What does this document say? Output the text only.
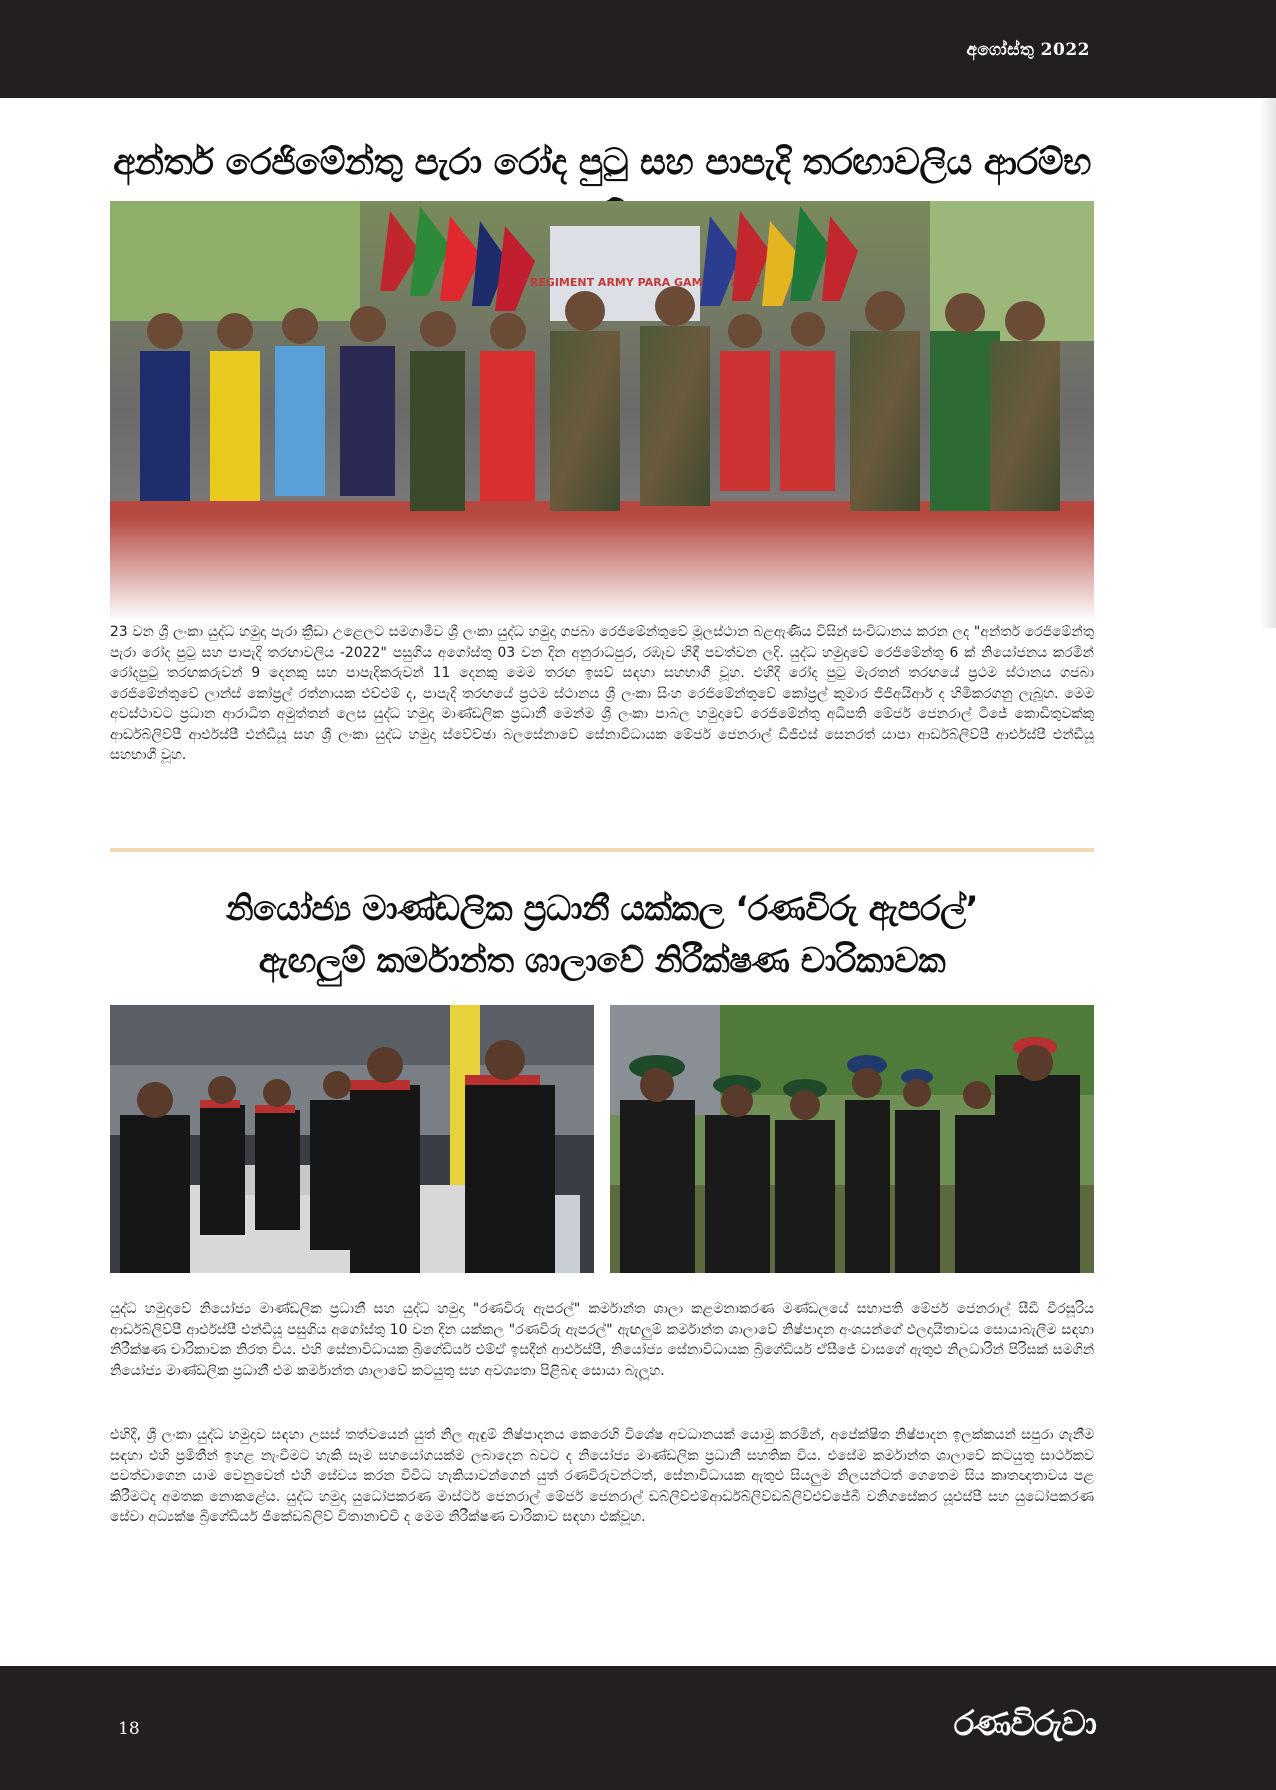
අගෝස්තු 2022
අන්තර් රෙජිමේන්තු පැරා රෝද පුටු සහ පාපැදි තරඟාවලිය ආරම්භ

23 වන ශ්‍රී ලංකා යුද්ධ හමුදා පැරා ක්‍රීඩා උළෙලට සමගාමීව ශ්‍රී ලංකා යුද්ධ හමුදා ගජබා රෙජිමේන්තුවේ මූලස්ථාන බළඇණිය විසින් සංවිධානය කරන ලද "අන්තර් රෙජිමේන්තු පැරා රෝද පුටු සහ පාපැදි තරඟාවලිය -2022" පසුගිය අගෝස්තු 03 වන දින අනුරාධපුර, රඹෑව හිඳී පවත්වන ලදි. යුද්ධ හමුදාවේ රෙජිමේන්තු 6 ක් නියෝජනය කරමින් රෝදපුටු තරඟකරුවන් 9 දෙනකු සහ පාපැදිකරුවන් 11 දෙනකු මෙම තරඟ ඉසව් සඳහා සහභාගී වූහ. එහිදී රෝද පුටු මැරතන් තරඟයේ ප්‍රථම ස්ථානය ගජබා රෙජිමේන්තුවේ ලාන්ස් කෝප්‍රල් රත්නායක එච්එම් ද, පාපැදි තරඟයේ ප්‍රථම ස්ථානය ශ්‍රී ලංකා සිංහ රෙජිමේන්තුවේ කෝප්‍රල් කුමාර ජීජීඅයිආර් ද හිමිකරගනු ලැබූහ. මෙම අවස්ථාවට ප්‍රධාන ආරාධිත අමුත්තන් ලෙස යුද්ධ හමුදා මාණ්ඩලික ප්‍රධානී මෙන්ම ශ්‍රී ලංකා පාබල හමුදාවේ රෙජිමේන්තු අධිපති මේජර් ජෙනරාල් ටීජේ කොඩිතුවක්කු ආර්ඩබ්ලිව්පී ආර්එස්පී එන්ඩීයූ සහ ශ්‍රී ලංකා යුද්ධ හමුදා ස්වේච්ඡා බලසේනාවේ සේනාවිධායක මේජර් ජෙනරාල් ඩීජීඑස් සෙනරත් යාපා ආර්ඩබ්ලිව්පී ආර්එස්පී එන්ඩීයූ සහභාගී වූහ.

නියෝජ්‍ය මාණ්ඩලික ප්‍රධානී යක්කල ‘රණවිරු ඇපරල්’
ඇඟලුම් කර්මාන්ත ශාලාවේ නිරීක්ෂණ චාරිකාවක

යුද්ධ හමුදාවේ නියෝජ්‍ය මාණ්ඩලික ප්‍රධානී සහ යුද්ධ හමුදා "රණවිරු ඇපරල්" කර්මාන්ත ශාලා කළමනාකරණ මණ්ඩලයේ සභාපති මේජර් ජෙනරාල් සීඩී වීරසූරිය ආර්ඩබ්ලිව්පී ආර්එස්පී එන්ඩීයූ පසුගිය අගෝස්තු 10 වන දින යක්කල "රණවිරු ඇපරල්" ඇඟලුම් කර්මාන්ත ශාලාවේ නිෂ්පාදන අංශයන්ගේ ඵලදායිතාවය සොයාබැලීම සඳහා නිරීක්ෂණ චාරිකාවක නිරත විය. එහි සේනාවිධායක බ්‍රිගේඩියර් එම්ඒ ඉසදීන් ආර්එස්පී, නියෝජ්‍ය සේනාවිධායක බ්‍රිගේඩියර් ඒසීජේ වාසගේ ඇතුළු නිලධාරින් පිරිසක් සමගින් නියෝජ්‍ය මාණ්ඩලික ප්‍රධානී එම කර්මාන්ත ශාලාවේ කටයුතු සහ අවශ්‍යතා පිළිබඳ සොයා බැලූහ.

එහිදී, ශ්‍රී ලංකා යුද්ධ හමුදාව සඳහා උසස් තත්වයෙන් යුත් නිල ඇඳුම් නිෂ්පාදනය කෙරෙහි විශේෂ අවධානයක් යොමු කරමින්, අපේක්ෂිත නිෂ්පාදන ඉලක්කයන් සපුරා ගැනීම සඳහා එහි ප්‍රමිතීන් ඉහළ නැංවීමට හැකි සෑම සහයෝගයක්ම ලබාදෙන බවට ද නියෝජ්‍ය මාණ්ඩලික ප්‍රධානී සහතික විය. එසේම කර්මාන්ත ශාලාවේ කටයුතු සාර්ථකව පවත්වාගෙන යාම වෙනුවෙන් එහි සේවය කරන විවිධ හැකියාවන්ගෙන් යුත් රණවිරුවන්ටත්, සේනාවිධායක ඇතුළු සියලුම නිලයන්ටත් ගෙතෙම සිය කෘතඥතාවය පළ කිරීමටද අමතක නොකළේය. යුද්ධ හමුදා යුධෝපකරණ මාස්ටර් ජෙනරාල් මේජර් ජෙනරාල් ඩබ්ලිව්එම්ආර්ඩබ්ලිව්ඩබ්ලිව්එච්ජේබී වනිගසේකර යූඑස්පී සහ යුධෝපකරණ සේවා අධ්‍යක්ෂ බ්‍රිගේඩියර් ජීකේඩබ්ලිව් විතානාච්චි ද මෙම නිරීක්ෂණ චාරිකාව සඳහා එක්වූහ.

18	රණවිරුවා
